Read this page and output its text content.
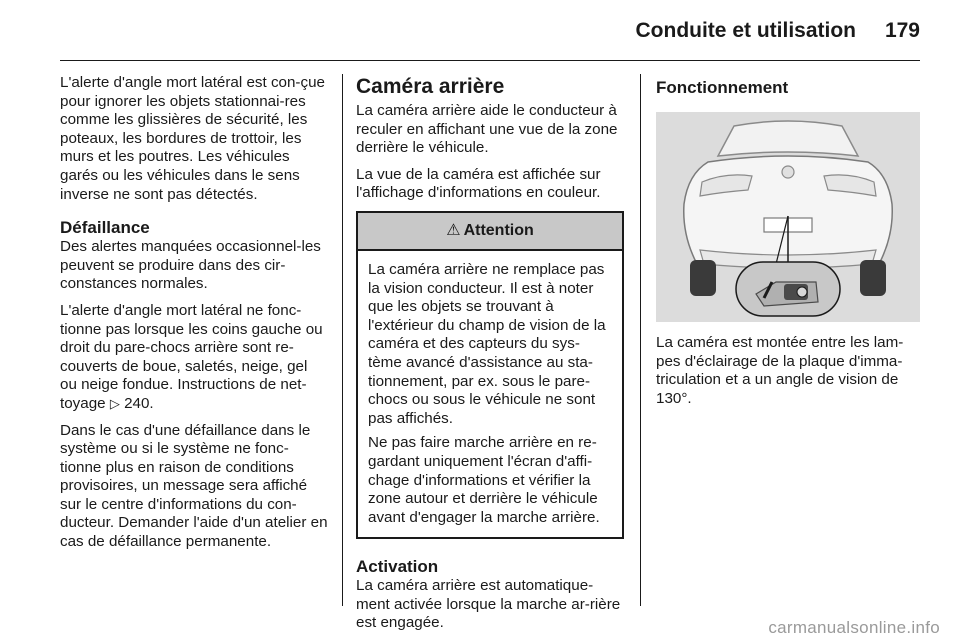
Conduite et utilisation	179

L'alerte d'angle mort latéral est con-çue pour ignorer les objets stationnai-res comme les glissières de sécurité, les poteaux, les bordures de trottoir, les murs et les poutres. Les véhicules garés ou les véhicules dans le sens inverse ne sont pas détectés.

Défaillance

Des alertes manquées occasionnel-les peuvent se produire dans des cir-constances normales.

L'alerte d'angle mort latéral ne fonc-tionne pas lorsque les coins gauche ou droit du pare-chocs arrière sont re-couverts de boue, saletés, neige, gel ou neige fondue. Instructions de net-toyage ▷ 240.

Dans le cas d'une défaillance dans le système ou si le système ne fonc-tionne plus en raison de conditions provisoires, un message sera affiché sur le centre d'informations du con-ducteur. Demander l'aide d'un atelier en cas de défaillance permanente.

Caméra arrière

La caméra arrière aide le conducteur à reculer en affichant une vue de la zone derrière le véhicule.

La vue de la caméra est affichée sur l'affichage d'informations en couleur.

⚠ Attention

La caméra arrière ne remplace pas la vision conducteur. Il est à noter que les objets se trouvant à l'extérieur du champ de vision de la caméra et des capteurs du sys-tème avancé d'assistance au sta-tionnement, par ex. sous le pare-chocs ou sous le véhicule ne sont pas affichés.

Ne pas faire marche arrière en re-gardant uniquement l'écran d'affi-chage d'informations et vérifier la zone autour et derrière le véhicule avant d'engager la marche arrière.

Activation

La caméra arrière est automatique-ment activée lorsque la marche ar-rière est engagée.

Fonctionnement

La caméra est montée entre les lam-pes d'éclairage de la plaque d'imma-triculation et a un angle de vision de 130°.

carmanualsonline.info
